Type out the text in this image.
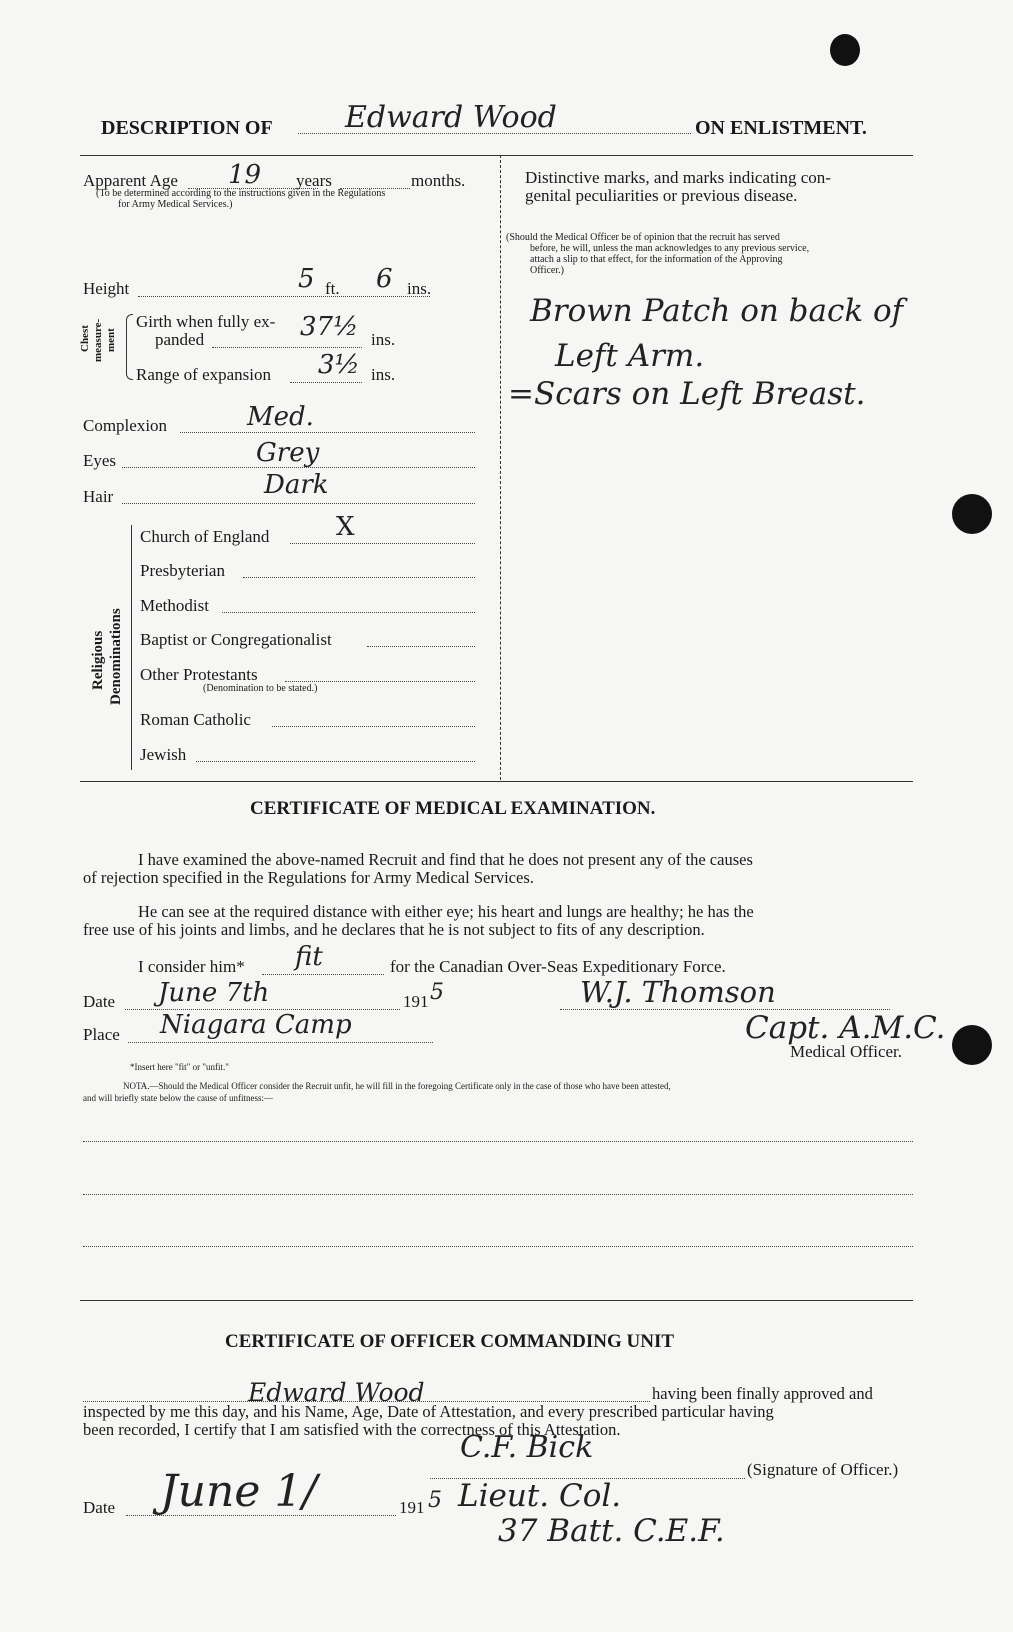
DESCRIPTION OF Edward Wood	ON ENLISTMENT.
Apparent Age 19 years	months.
(To be determined according to the instructions given in the Regulations
for Army Medical Services.)
Height	5 ft. 6 ins.
Chest measure- ment
Girth when fully ex-
panded	37½ ins.
Range of expansion 3½ ins.
Complexion	Med.
Eyes	Grey
Hair	Dark
Religious Denominations
Church of England	X
Presbyterian
Methodist
Baptist or Congregationalist
Other Protestants
(Denomination to be stated.)
Roman Catholic
Jewish
Distinctive marks, and marks indicating con-
genital peculiarities or previous disease.
(Should the Medical Officer be of opinion that the recruit has served
before, he will, unless the man acknowledges to any previous service,
attach a slip to that effect, for the information of the Approving
Officer.)
Brown Patch on back of
Left Arm.
=Scars on Left Breast.
CERTIFICATE OF MEDICAL EXAMINATION.
I have examined the above-named Recruit and find that he does not present any of the causes
of rejection specified in the Regulations for Army Medical Services.
He can see at the required distance with either eye; his heart and lungs are healthy; he has the
free use of his joints and limbs, and he declares that he is not subject to fits of any description.
I consider him* fit	for the Canadian Over-Seas Expeditionary Force.
Date June 7th	191 5	W.J. Thomson
Place Niagara Camp	Capt. A.M.C.
Medical Officer.
*Insert here "fit" or "unfit."
NOTA.—Should the Medical Officer consider the Recruit unfit, he will fill in the foregoing Certificate only in the case of those who have been attested,
and will briefly state below the cause of unfitness:—
CERTIFICATE OF OFFICER COMMANDING UNIT
Edward Wood	having been finally approved and
inspected by me this day, and his Name, Age, Date of Attestation, and every prescribed particular having
been recorded, I certify that I am satisfied with the correctness of this Attestation.
C.F. Bick
(Signature of Officer.)
Date June 1/	191 5 Lieut. Col.
37 Batt. C.E.F.
